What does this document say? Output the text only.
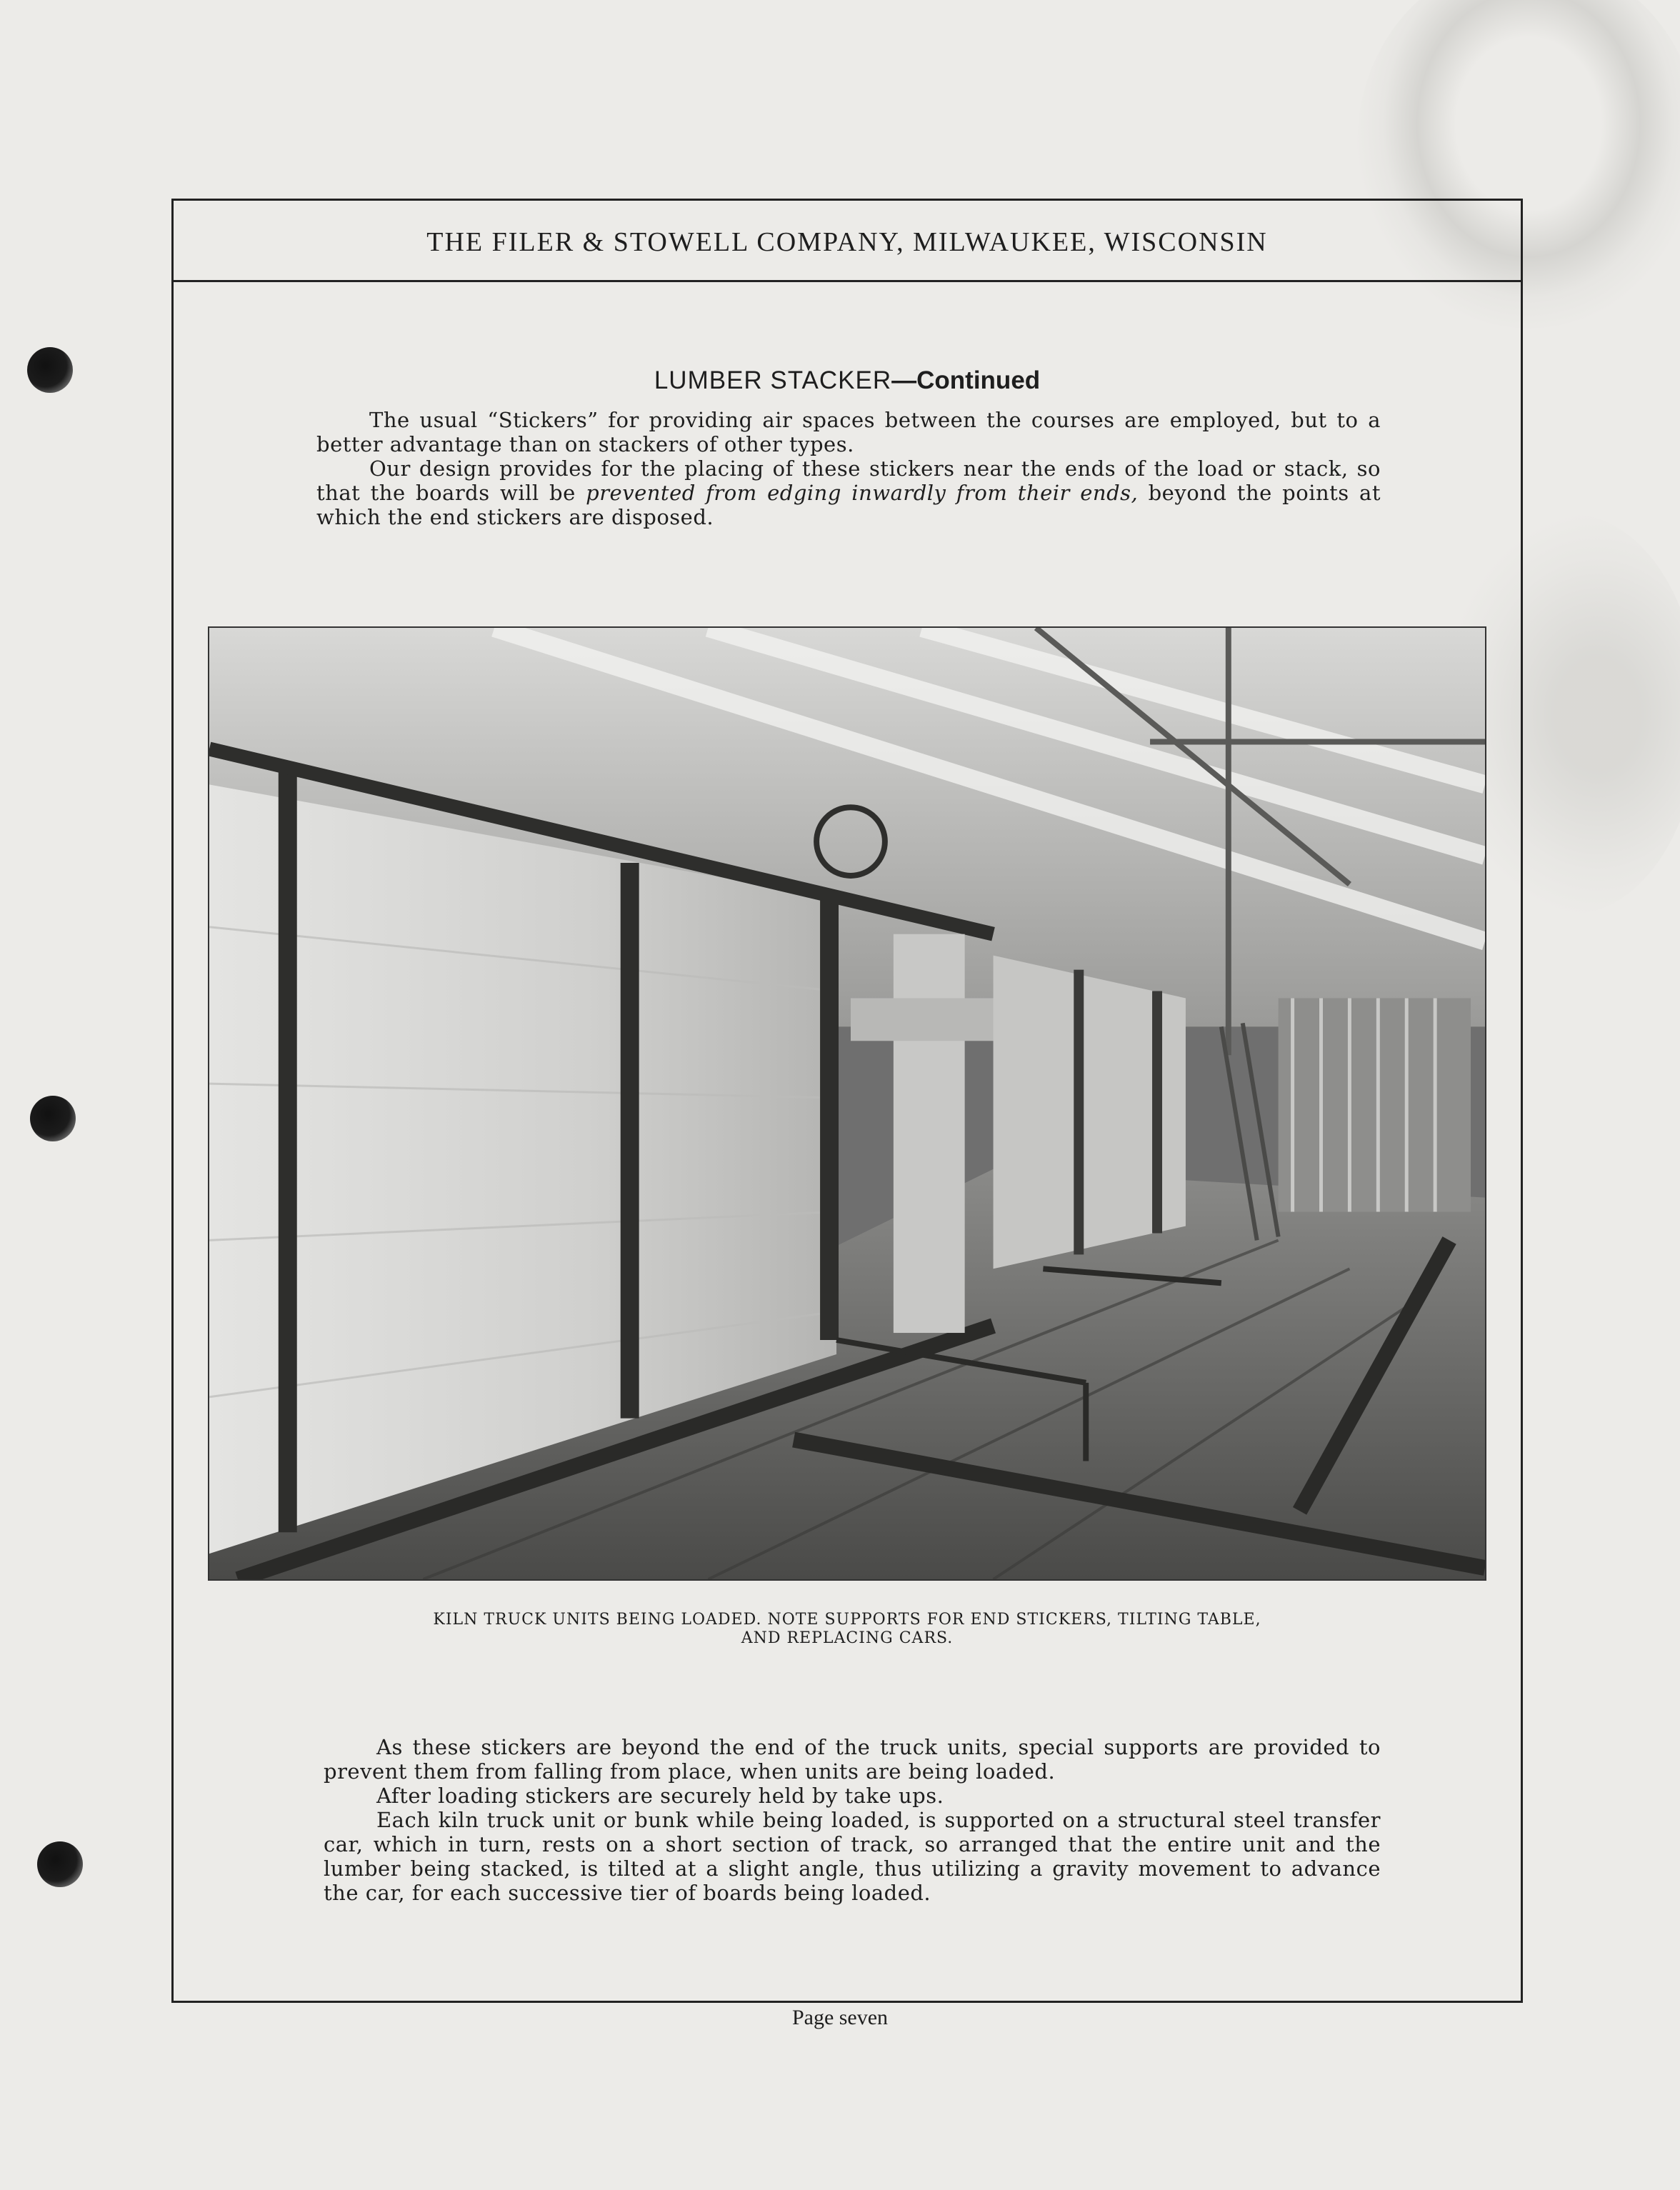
THE FILER & STOWELL COMPANY, MILWAUKEE, WISCONSIN
LUMBER STACKER—Continued

The usual “Stickers” for providing air spaces between the courses are employed, but to a better advantage than on stackers of other types.

Our design provides for the placing of these stickers near the ends of the load or stack, so that the boards will be prevented from edging inwardly from their ends, beyond the points at which the end stickers are disposed.

KILN TRUCK UNITS BEING LOADED. NOTE SUPPORTS FOR END STICKERS, TILTING TABLE,
AND REPLACING CARS.

As these stickers are beyond the end of the truck units, special supports are provided to prevent them from falling from place, when units are being loaded.

After loading stickers are securely held by take ups.

Each kiln truck unit or bunk while being loaded, is supported on a structural steel transfer car, which in turn, rests on a short section of track, so arranged that the entire unit and the lumber being stacked, is tilted at a slight angle, thus utilizing a gravity movement to advance the car, for each successive tier of boards being loaded.

Page seven
